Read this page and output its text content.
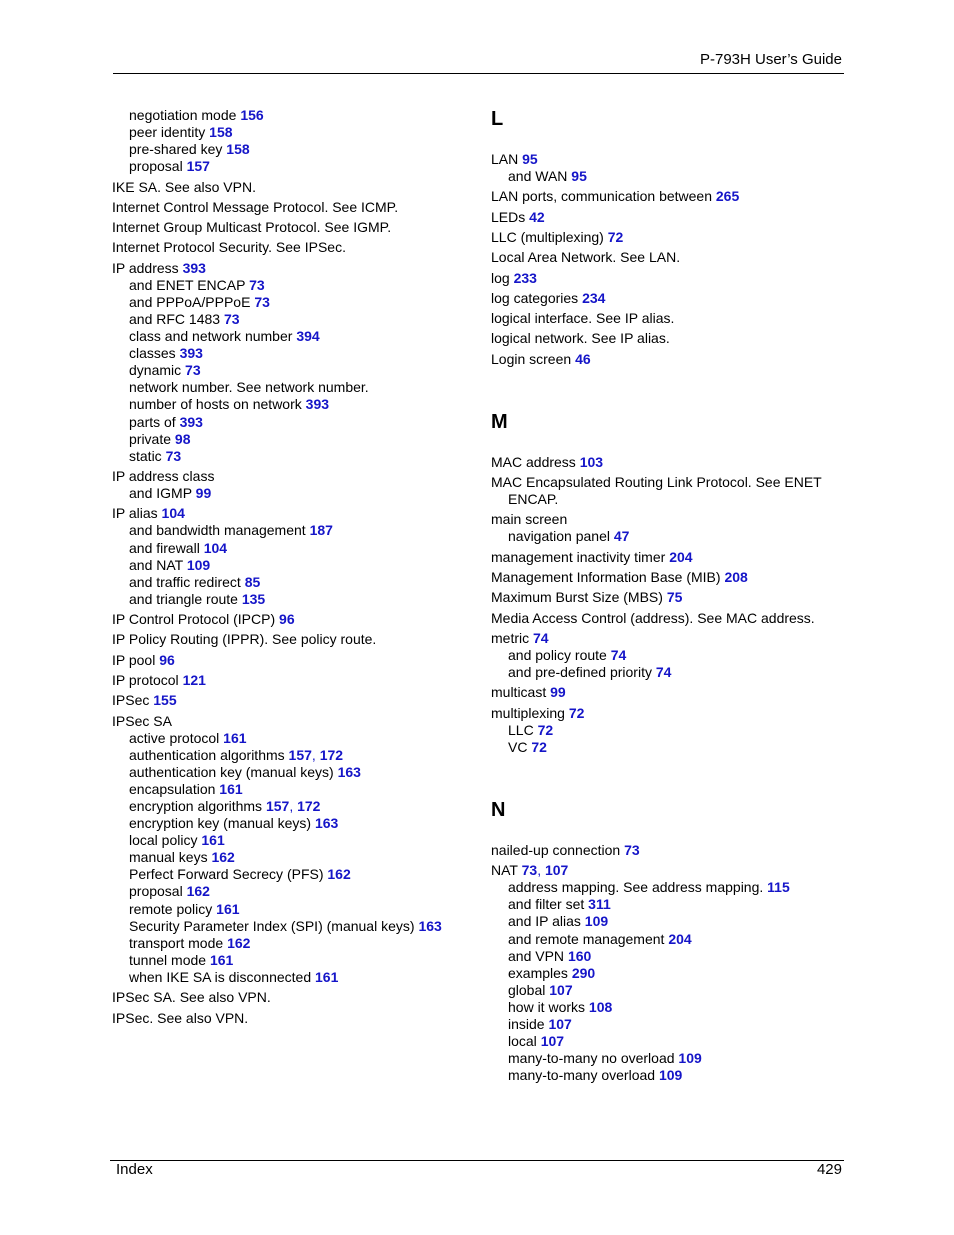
P-793H User’s Guide
negotiation mode 156
peer identity 158
pre-shared key 158
proposal 157
IKE SA. See also VPN.
Internet Control Message Protocol. See ICMP.
Internet Group Multicast Protocol. See IGMP.
Internet Protocol Security. See IPSec.
IP address 393
and ENET ENCAP 73
and PPPoA/PPPoE 73
and RFC 1483 73
class and network number 394
classes 393
dynamic 73
network number. See network number.
number of hosts on network 393
parts of 393
private 98
static 73
IP address class
and IGMP 99
IP alias 104
and bandwidth management 187
and firewall 104
and NAT 109
and traffic redirect 85
and triangle route 135
IP Control Protocol (IPCP) 96
IP Policy Routing (IPPR). See policy route.
IP pool 96
IP protocol 121
IPSec 155
IPSec SA
active protocol 161
authentication algorithms 157, 172
authentication key (manual keys) 163
encapsulation 161
encryption algorithms 157, 172
encryption key (manual keys) 163
local policy 161
manual keys 162
Perfect Forward Secrecy (PFS) 162
proposal 162
remote policy 161
Security Parameter Index (SPI) (manual keys) 163
transport mode 162
tunnel mode 161
when IKE SA is disconnected 161
IPSec SA. See also VPN.
IPSec. See also VPN.
L
LAN 95
and WAN 95
LAN ports, communication between 265
LEDs 42
LLC (multiplexing) 72
Local Area Network. See LAN.
log 233
log categories 234
logical interface. See IP alias.
logical network. See IP alias.
Login screen 46
M
MAC address 103
MAC Encapsulated Routing Link Protocol. See ENET ENCAP.
main screen
navigation panel 47
management inactivity timer 204
Management Information Base (MIB) 208
Maximum Burst Size (MBS) 75
Media Access Control (address). See MAC address.
metric 74
and policy route 74
and pre-defined priority 74
multicast 99
multiplexing 72
LLC 72
VC 72
N
nailed-up connection 73
NAT 73, 107
address mapping. See address mapping. 115
and filter set 311
and IP alias 109
and remote management 204
and VPN 160
examples 290
global 107
how it works 108
inside 107
local 107
many-to-many no overload 109
many-to-many overload 109
Index	429
